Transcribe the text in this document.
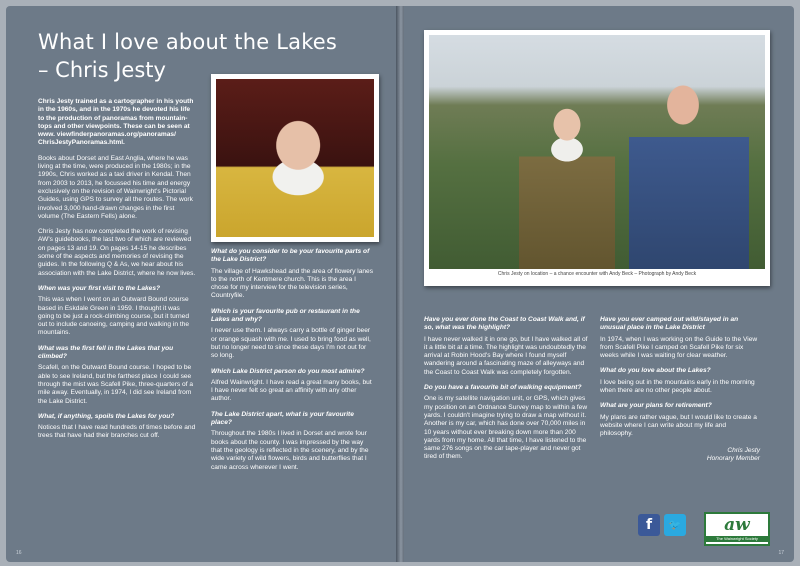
What I love about the Lakes
– Chris Jesty

Chris Jesty trained as a cartographer in his youth in the 1960s, and in the 1970s he devoted his life to the production of panoramas from mountain-tops and other viewpoints. These can be seen at www. viewfinderpanoramas.org/panoramas/ ChrisJestyPanoramas.html.

Books about Dorset and East Anglia, where he was living at the time, were produced in the 1980s; in the 1990s, Chris worked as a taxi driver in Kendal. Then from 2003 to 2013, he focussed his time and energy exclusively on the revision of Wainwright's Pictorial Guides, using GPS to survey all the routes. The work involved 3,000 hand-drawn changes in the first volume (The Eastern Fells) alone.

Chris Jesty has now completed the work of revising AW's guidebooks, the last two of which are reviewed on pages 13 and 19. On pages 14-15 he describes some of the aspects and memories of revising the guides. In the following Q & As, we hear about his association with the Lake District, where he now lives.

When was your first visit to the Lakes?

This was when I went on an Outward Bound course based in Eskdale Green in 1959. I thought it was going to be just a rock-climbing course, but it turned out to include canoeing, camping and walking in the mountains.

What was the first fell in the Lakes that you climbed?

Scafell, on the Outward Bound course. I hoped to be able to see Ireland, but the farthest place I could see through the mist was Scafell Pike, three-quarters of a mile away. Eventually, in 1974, I did see Ireland from the Lake District.

What, if anything, spoils the Lakes for you?

Notices that I have read hundreds of times before and trees that have had their branches cut off.

What do you consider to be your favourite parts of the Lake District?

The village of Hawkshead and the area of flowery lanes to the north of Kentmere church. This is the area I chose for my interview for the television series, Countryfile.

Which is your favourite pub or restaurant in the Lakes and why?

I never use them. I always carry a bottle of ginger beer or orange squash with me. I used to bring food as well, but no longer need to since these days I'm not out for so long.

Which Lake District person do you most admire?

Alfred Wainwright. I have read a great many books, but I have never felt so great an affinity with any other author.

The Lake District apart, what is your favourite place?

Throughout the 1980s I lived in Dorset and wrote four books about the county. I was impressed by the way that the geology is reflected in the scenery, and by the wide variety of wild flowers, birds and butterflies that I came across wherever I went.

16
Chris Jesty on location – a chance encounter with Andy Beck – Photograph by Andy Beck

Have you ever done the Coast to Coast Walk and, if so, what was the highlight?

I have never walked it in one go, but I have walked all of it a little bit at a time. The highlight was undoubtedly the arrival at Robin Hood's Bay where I found myself wandering around a fascinating maze of alleyways and the Coast to Coast Walk was completely forgotten.

Do you have a favourite bit of walking equipment?

One is my satellite navigation unit, or GPS, which gives my position on an Ordnance Survey map to within a few yards. I couldn't imagine trying to draw a map without it. Another is my car, which has done over 70,000 miles in 10 years without ever breaking down more than 200 yards from my home. All that time, I have listened to the same 276 songs on the car tape-player and never got tired of them.

Have you ever camped out wild/stayed in an unusual place in the Lake District

In 1974, when I was working on the Guide to the View from Scafell Pike I camped on Scafell Pike for six weeks while I was waiting for clear weather.

What do you love about the Lakes?

I love being out in the mountains early in the morning when there are no other people about.

What are your plans for retirement?

My plans are rather vague, but I would like to create a website where I can write about my life and philosophy.

Chris Jesty

Honorary Member

f	🐦	aw
The Wainwright Society
17
